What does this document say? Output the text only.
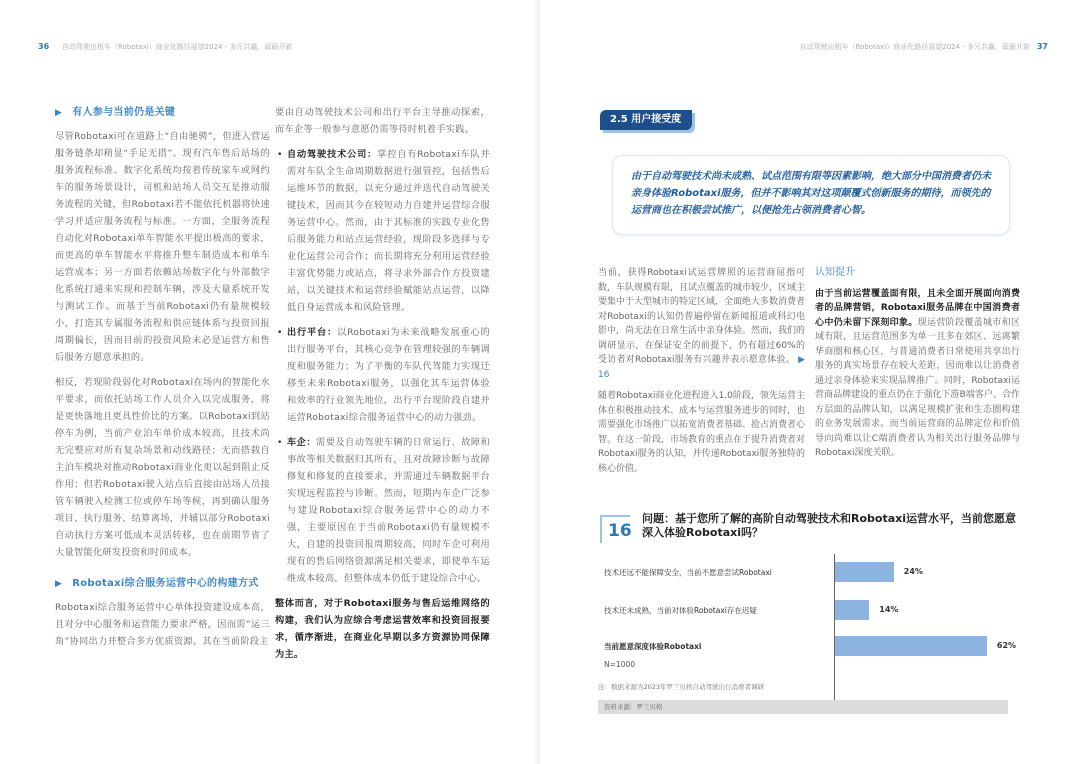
36 自动驾驶出租车（Robotaxi）商业化路径展望2024 - 多元共赢，砥砺开新
▶ 有人参与当前仍是关键

尽管Robotaxi可在道路上“自由驰骋”，但进入营运服务链条却稍显“手足无措”。现有汽车售后站场的服务流程标准、数字化系统均按着传统家车或网约车的服务场景设计，司机和站场人员交互是推动服务流程的关键，但Robotaxi若不能依托机器将快速学习并适应服务流程与标准。一方面，全服务流程自动化对Robotaxi单车智能水平提出极高的要求，而更高的单车智能水平将推升整车制造成本和单车运营成本；另一方面若依赖站场数字化与外部数字化系统打通来实现和控制车辆，涉及大量系统开发与测试工作。而基于当前Robotaxi仍有量规模较小，打造其专属服务流程和供应链体系与投资回报周期偏长，因而目前的投资风险未必是运营方和售后服务方愿意承担的。

相反，若现阶段弱化对Robotaxi在场内的智能化水平要求，而依托站场工作人员介入以完成服务，将是更快落地且更具性价比的方案。以Robotaxi到站停车为例，当前产业泊车单价成本较高，且技术尚无完整应对所有复杂场景和动线路径；无而搭载自主泊车模块对推动Robotaxi商业化更以起到阻止反作用；但若Robotaxi驶入站点后直接由站场人员接管车辆驶入检测工位或停车场等候，再到确认服务项目、执行服务、结算离场，并辅以部分Robotaxi自动执行方案可低成本灵活转移，也在前期节省了大量智能化研发投资和时间成本。

▶ Robotaxi综合服务运营中心的构建方式

Robotaxi综合服务运营中心单体投资建设成本高，且对分中心服务和运营能力要求严格，因而需“运三角”协同出力并整合多方优质资源。其在当前阶段主

要由自动驾驶技术公司和出行平台主导推动探索，而车企等一般参与意愿仍需等待时机着手实践。

• 自动驾驶技术公司：掌控自有Robotaxi车队并需对车队全生命周期数据进行强管控，包括售后运维环节的数据，以充分通过并迭代自动驾驶关键技术，因而其今在较短动力自建并运营综合服务运营中心。然而，由于其标准的实践专业化售后服务能力和站点运营经验，现阶段多选择与专业化运营公司合作；而长期将充分利用运营经验丰富优势能力或站点，将寻求外部合作方投资建站，以关键技术和运营经验赋能站点运营，以降低自身运营成本和风险管理。
• 出行平台：以Robotaxi为未来战略发展重心的出行服务平台，其核心竞争在管理较强的车辆调度和服务能力；为了平衡的车队代驾能力实现迁移至未来Robotaxi服务，以强化其车运营体验和效率的行业领先地位，出行平台现阶段自建并运营Robotaxi综合服务运营中心的动力强劲。
• 车企：需要及自动驾驶车辆的日常运行、故障和事故等相关数据归其所有，且对故障诊断与故障修复和修复的直接要求，并需通过车辆数据平台实现远程监控与诊断。然而，短期内车企广泛参与建设Robotaxi综合服务运营中心的动力不强，主要原因在于当前Robotaxi仍有量规模不大，自建的投资回报周期较高，同时车企可利用现有的售后网络资源满足相关要求，即使单车运维成本较高，但整体成本仍低于建设综合中心。

整体而言，对于Robotaxi服务与售后运维网络的构建，我们认为应综合考虑运营效率和投资回报要求，循序渐进，在商业化早期以多方资源协同保障为主。

自动驾驶出租车（Robotaxi）商业化路径展望2024 - 多元共赢，砥砺开新 37
2.5 用户接受度
由于自动驾驶技术尚未成熟、试点范围有限等因素影响，绝大部分中国消费者仍未亲身体验Robotaxi服务，但并不影响其对这项颠覆式创新服务的期待，而领先的运营商也在积极尝试推广，以便抢先占领消费者心智。

当前，获得Robotaxi试运营牌照的运营商屈指可数，车队规模有限，且试点覆盖的城市较少，区域主要集中于大型城市的特定区域，全面绝大多数消费者对Robotaxi的认知仍普遍停留在新闻报道或科幻电影中，尚无法在日常生活中亲身体验。然而，我们的调研显示，在保证安全的前提下，仍有超过60%的受访者对Robotaxi服务有兴趣并表示愿意体验。 ▶ 16

随着Robotaxi商业化进程进入1.0阶段，领先运营主体在积极推动技术、成本与运营服务进步的同时，也需要强化市场推广以拓宽消费者基础、抢占消费者心智。在这一阶段，市场教育的重点在于提升消费者对Robotaxi服务的认知，并传递Robotaxi服务独特的核心价值。

认知提升

由于当前运营覆盖面有限，且未全面开展面向消费者的品牌营销，Robotaxi服务品牌在中国消费者心中仍未留下深刻印象。现运营阶段覆盖城市和区域有限，且运营范围多为单一且多在郊区、远离繁华商圈和核心区，与普通消费者日常使用共享出行服务的真实场景存在较大差距，因而难以让消费者通过亲身体验来实现品牌推广。同时，Robotaxi运营商品牌建设的重点仍在于强化下游B端客户、合作方层面的品牌认知，以满足规模扩张和生态圈构建的业务发展需求。而当前运营商的品牌定位和价值导向尚难以让C端消费者认为相关出行服务品牌与Robotaxi深度关联。

16
问题：基于您所了解的高阶自动驾驶技术和Robotaxi运营水平，当前您愿意深入体验Robotaxi吗？
技术还远不能保障安全，当前不愿意尝试Robotaxi	24%
技术还未成熟，当前对体验Robotaxi存在迟疑	14%
当前愿意深度体验Robotaxi	62%
N=1000
注：数据来源为2023年罗兰贝格自动驾驶出行消费者调研
资料来源：罗兰贝格
